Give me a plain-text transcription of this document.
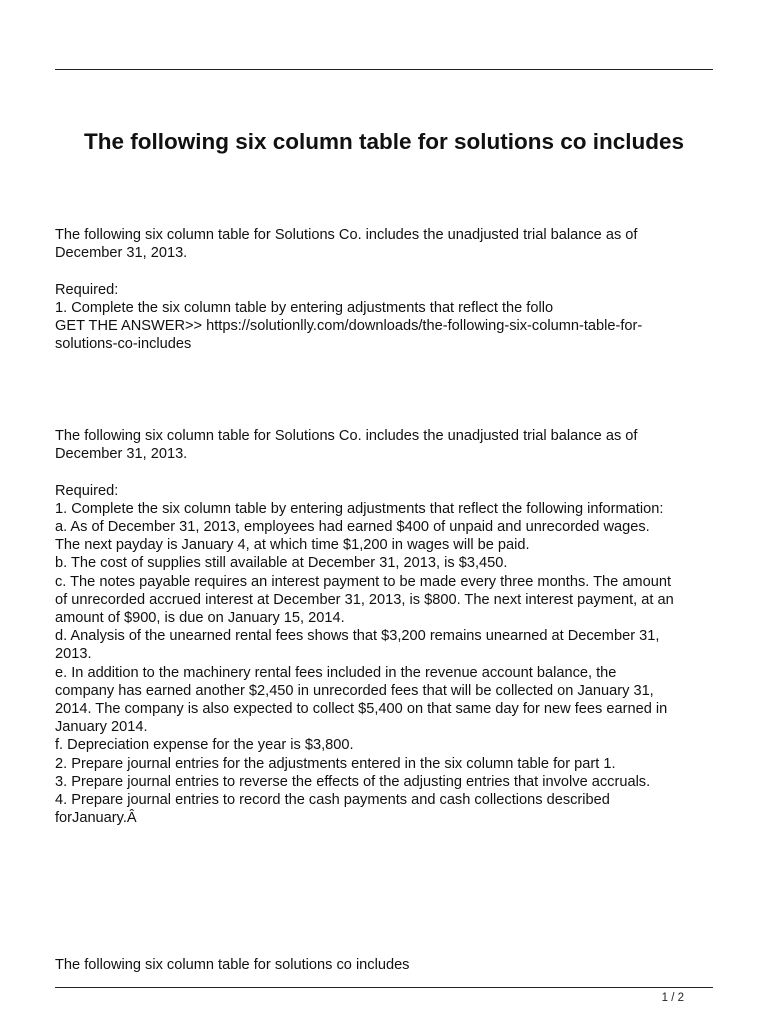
The following six column table for solutions co includes
The following six column table for Solutions Co. includes the unadjusted trial balance as of
December 31, 2013.
Required:
1. Complete the six column table by entering adjustments that reflect the follo
GET THE ANSWER>> https://solutionlly.com/downloads/the-following-six-column-table-for-
solutions-co-includes
The following six column table for Solutions Co. includes the unadjusted trial balance as of
December 31, 2013.
Required:
1. Complete the six column table by entering adjustments that reflect the following information:
a. As of December 31, 2013, employees had earned $400 of unpaid and unrecorded wages.
The next payday is January 4, at which time $1,200 in wages will be paid.
b. The cost of supplies still available at December 31, 2013, is $3,450.
c. The notes payable requires an interest payment to be made every three months. The amount
of unrecorded accrued interest at December 31, 2013, is $800. The next interest payment, at an
amount of $900, is due on January 15, 2014.
d. Analysis of the unearned rental fees shows that $3,200 remains unearned at December 31,
2013.
e. In addition to the machinery rental fees included in the revenue account balance, the
company has earned another $2,450 in unrecorded fees that will be collected on January 31,
2014. The company is also expected to collect $5,400 on that same day for new fees earned in
January 2014.
f. Depreciation expense for the year is $3,800.
2. Prepare journal entries for the adjustments entered in the six column table for part 1.
3. Prepare journal entries to reverse the effects of the adjusting entries that involve accruals.
4. Prepare journal entries to record the cash payments and cash collections described
forJanuary.Â

The following six column table for solutions co includes

1 / 2
